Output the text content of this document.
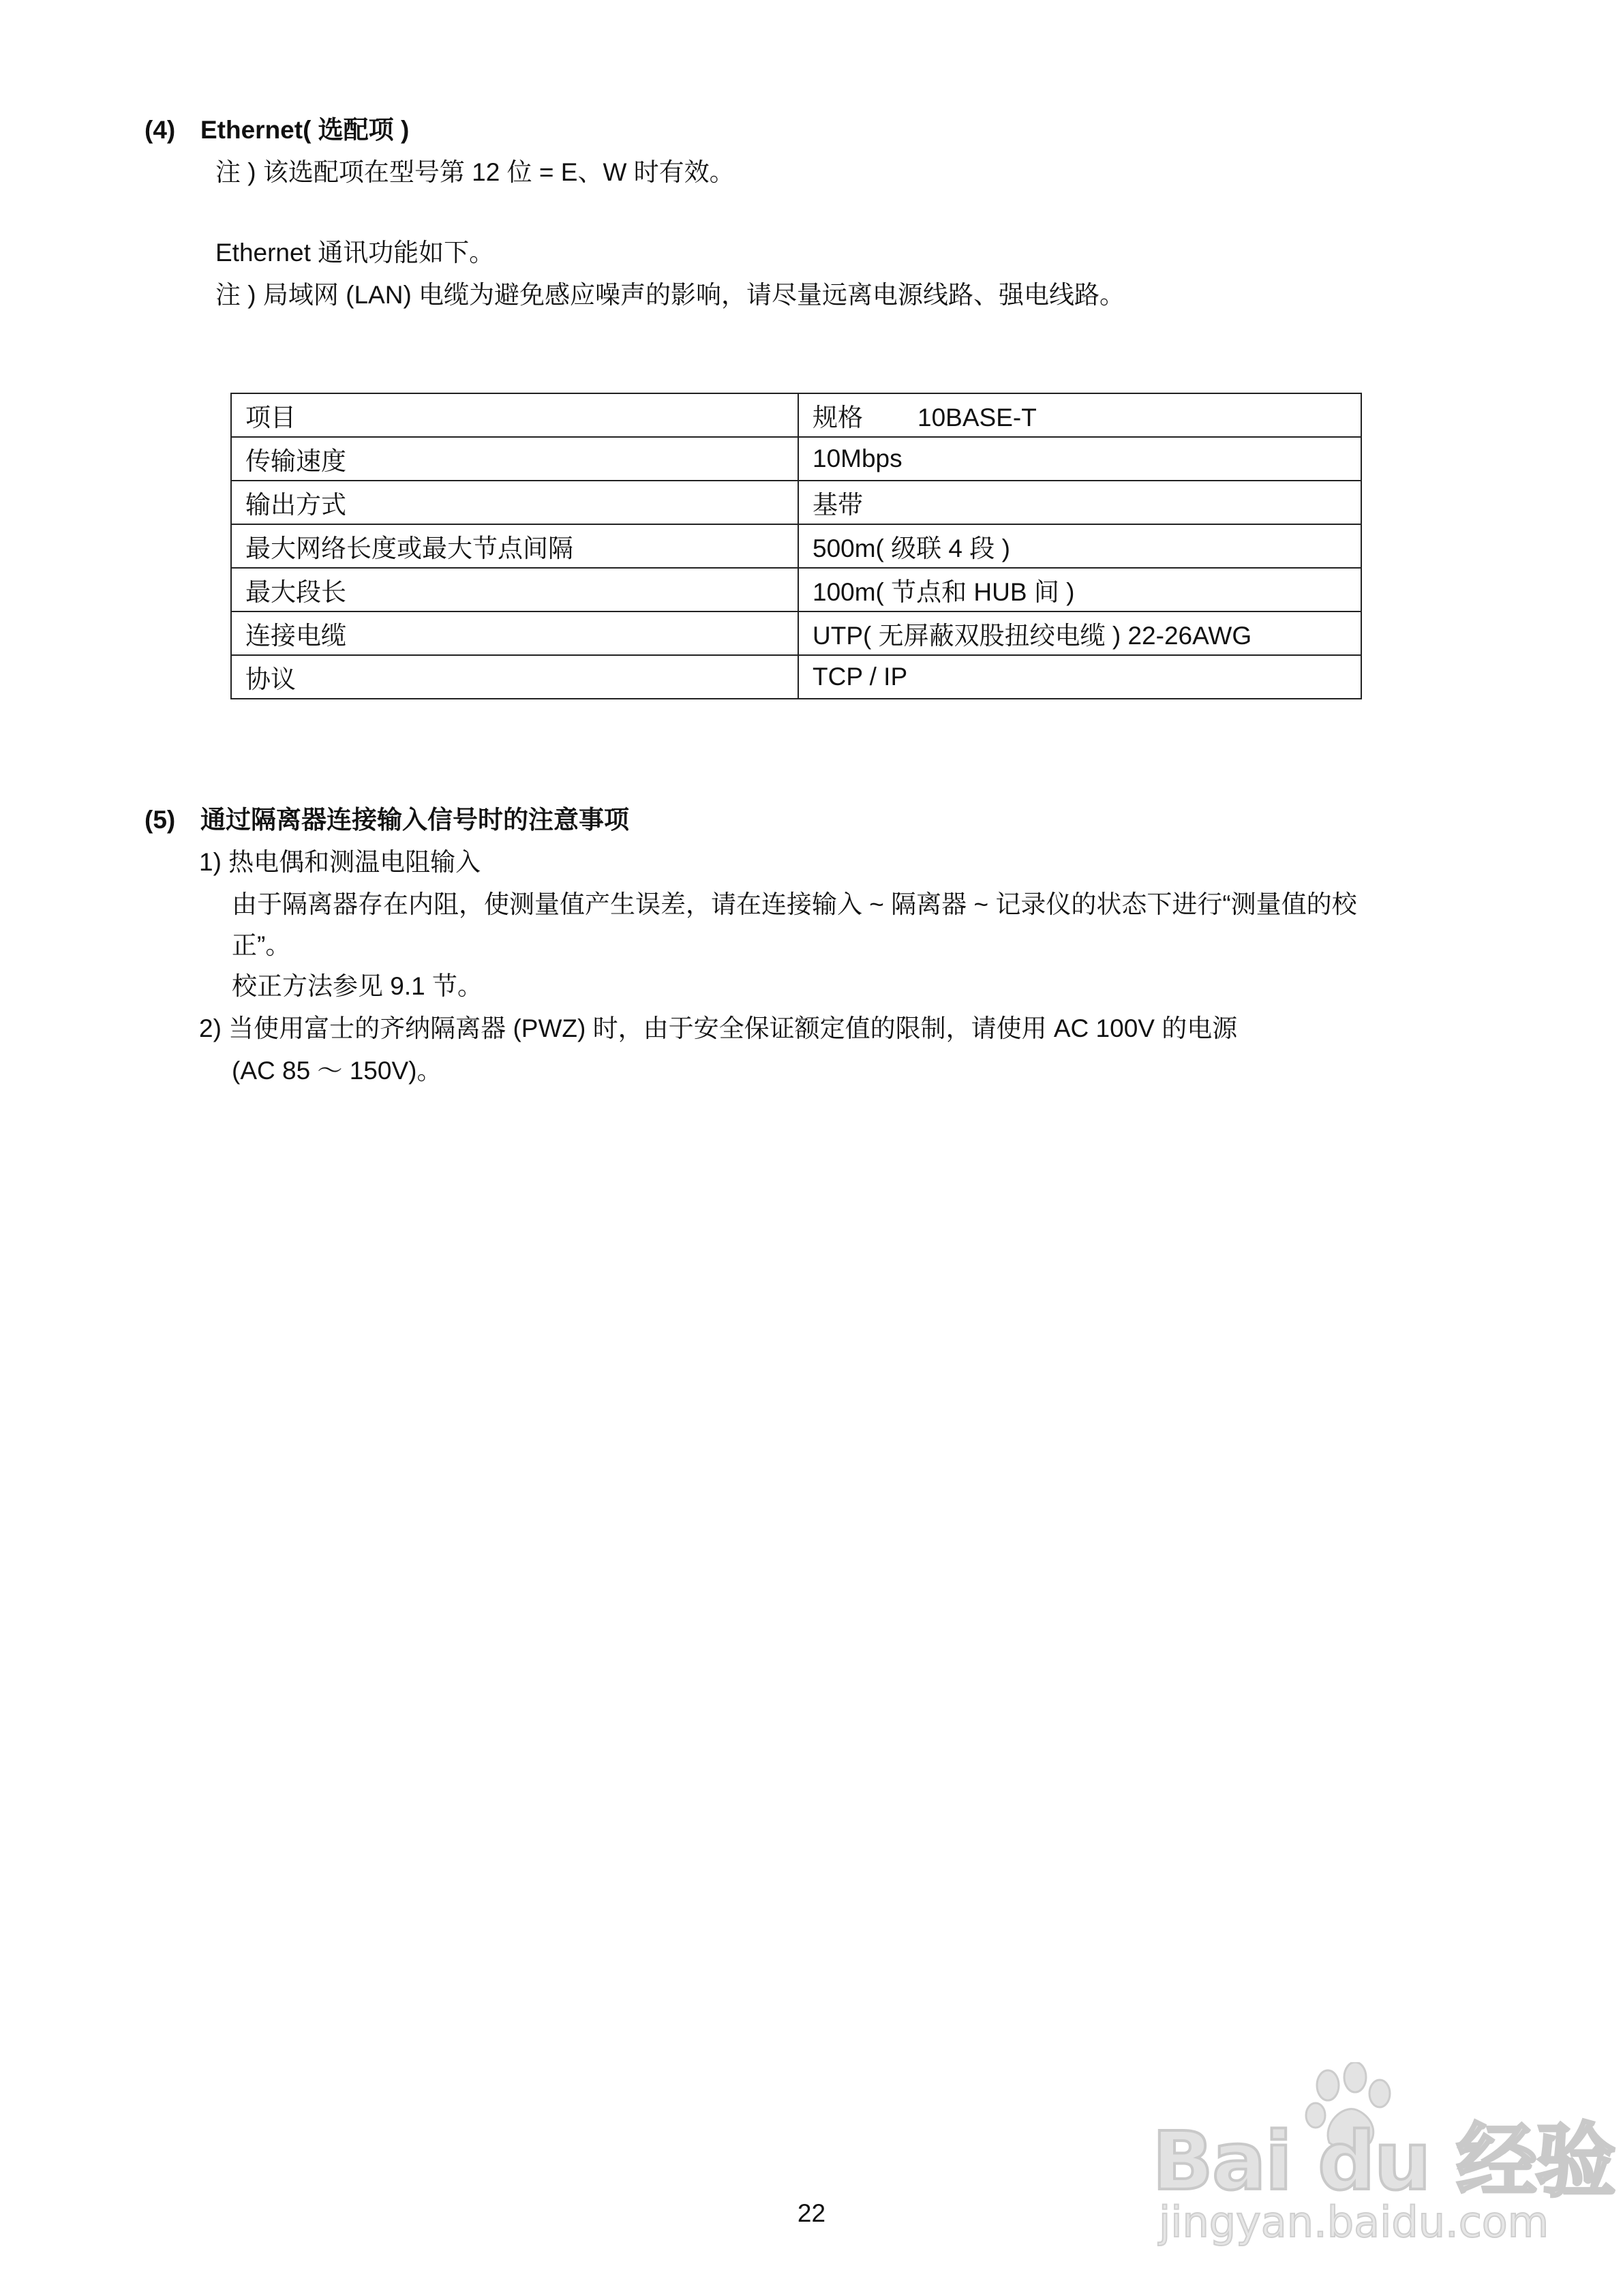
(4) Ethernet( 选配项 )
注 ) 该选配项在型号第 12 位 = E、W 时有效。
Ethernet 通讯功能如下。
注 ) 局域网 (LAN) 电缆为避免感应噪声的影响，请尽量远离电源线路、强电线路。
项目	规格 10BASE-T
传输速度	10Mbps
输出方式	基带
最大网络长度或最大节点间隔	500m( 级联 4 段 )
最大段长	100m( 节点和 HUB 间 )
连接电缆	UTP( 无屏蔽双股扭绞电缆 ) 22-26AWG
协议	TCP / IP
(5) 通过隔离器连接输入信号时的注意事项
1) 热电偶和测温电阻输入
由于隔离器存在内阻，使测量值产生误差，请在连接输入 ~ 隔离器 ~ 记录仪的状态下进行“测量值的校
正”。
校正方法参见 9.1 节。
2) 当使用富士的齐纳隔离器 (PWZ) 时，由于安全保证额定值的限制，请使用 AC 100V 的电源
(AC 85 ～ 150V)。
22
Bai du 经验
jingyan.baidu.com
